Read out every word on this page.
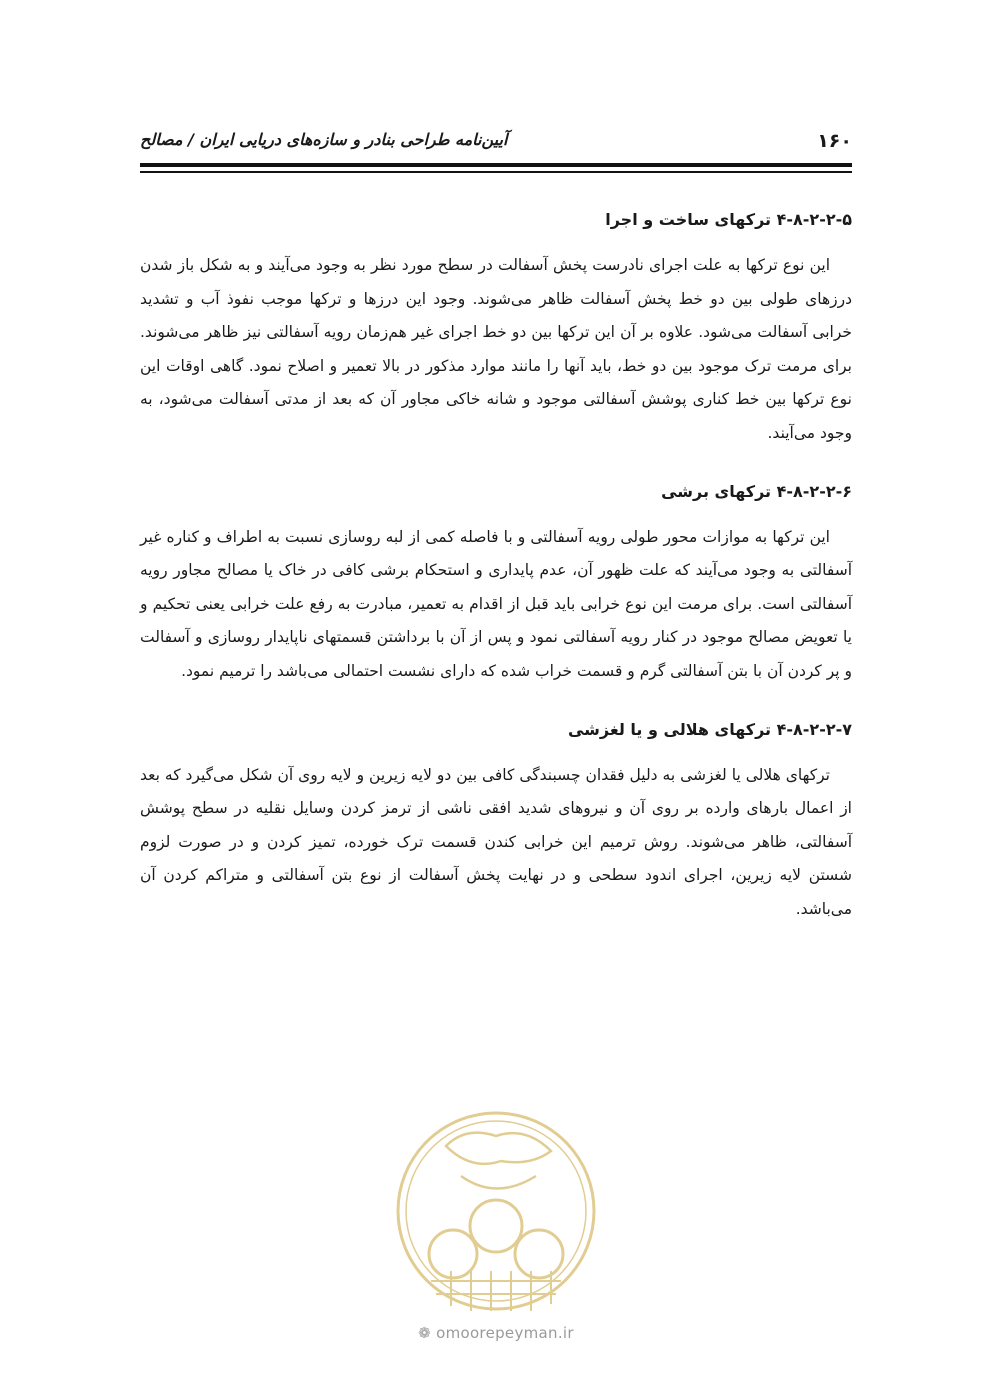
۱۶۰
آیین‌نامه طراحی بنادر و سازه‌های دریایی ایران / مصالح
۴-۸-۲-۲-۵ ترکهای ساخت و اجرا

این نوع ترکها به علت اجرای نادرست پخش آسفالت در سطح مورد نظر به وجود می‌آیند و به شکل باز شدن درزهای طولی بین دو خط پخش آسفالت ظاهر می‌شوند. وجود این درزها و ترکها موجب نفوذ آب و تشدید خرابی آسفالت می‌شود. علاوه بر آن این ترکها بین دو خط اجرای غیر هم‌زمان رویه آسفالتی نیز ظاهر می‌شوند. برای مرمت ترک موجود بین دو خط، باید آنها را مانند موارد مذکور در بالا تعمیر و اصلاح نمود. گاهی اوقات این نوع ترکها بین خط کناری پوشش آسفالتی موجود و شانه خاکی مجاور آن که بعد از مدتی آسفالت می‌شود، به وجود می‌آیند.

۴-۸-۲-۲-۶ ترکهای برشی

این ترکها به موازات محور طولی رویه آسفالتی و با فاصله کمی از لبه روسازی نسبت به اطراف و کناره غیر آسفالتی به وجود می‌آیند که علت ظهور آن، عدم پایداری و استحکام برشی کافی در خاک یا مصالح مجاور رویه آسفالتی است. برای مرمت این نوع خرابی باید قبل از اقدام به تعمیر، مبادرت به رفع علت خرابی یعنی تحکیم و یا تعویض مصالح موجود در کنار رویه آسفالتی نمود و پس از آن با برداشتن قسمتهای ناپایدار روسازی و آسفالت و پر کردن آن با بتن آسفالتی گرم و قسمت خراب شده که دارای نشست احتمالی می‌باشد را ترمیم نمود.

۴-۸-۲-۲-۷ ترکهای هلالی و یا لغزشی

ترکهای هلالی یا لغزشی به دلیل فقدان چسبندگی کافی بین دو لایه زیرین و لایه روی آن شکل می‌گیرد که بعد از اعمال بارهای وارده بر روی آن و نیروهای شدید افقی ناشی از ترمز کردن وسایل نقلیه در سطح پوشش آسفالتی، ظاهر می‌شوند. روش ترمیم این خرابی کندن قسمت ترک خورده، تمیز کردن و در صورت لزوم شستن لایه زیرین، اجرای اندود سطحی و در نهایت پخش آسفالت از نوع بتن آسفالتی و متراکم کردن آن می‌باشد.

❁ omoorepeyman.ir
